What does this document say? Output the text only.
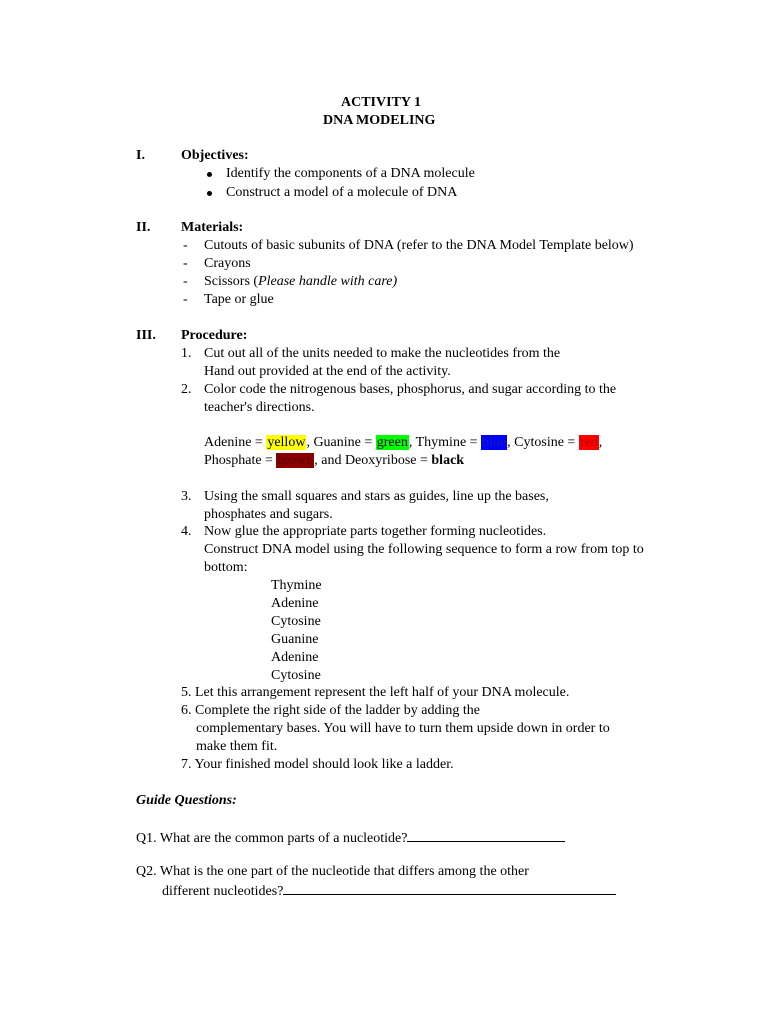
ACTIVITY 1
DNA MODELING
I.	Objectives:
Identify the components of a DNA molecule
Construct a model of a molecule of DNA
II. Materials:
- Cutouts of basic subunits of DNA (refer to the DNA Model Template below)
- Crayons
- Scissors (Please handle with care)
- Tape or glue
III. Procedure:
1. Cut out all of the units needed to make the nucleotides from the
Hand out provided at the end of the activity.
2. Color code the nitrogenous bases, phosphorus, and sugar according to the
teacher's directions.
Adenine = yellow, Guanine = green, Thymine = blue, Cytosine = red,
Phosphate = brown, and Deoxyribose = black
3. Using the small squares and stars as guides, line up the bases,
phosphates and sugars.
4. Now glue the appropriate parts together forming nucleotides.
Construct DNA model using the following sequence to form a row from top to
bottom:
Thymine
Adenine
Cytosine
Guanine
Adenine
Cytosine
5. Let this arrangement represent the left half of your DNA molecule.
6. Complete the right side of the ladder by adding the
complementary bases. You will have to turn them upside down in order to
make them fit.
7. Your finished model should look like a ladder.
Guide Questions:
Q1. What are the common parts of a nucleotide?
Q2. What is the one part of the nucleotide that differs among the other
different nucleotides?
